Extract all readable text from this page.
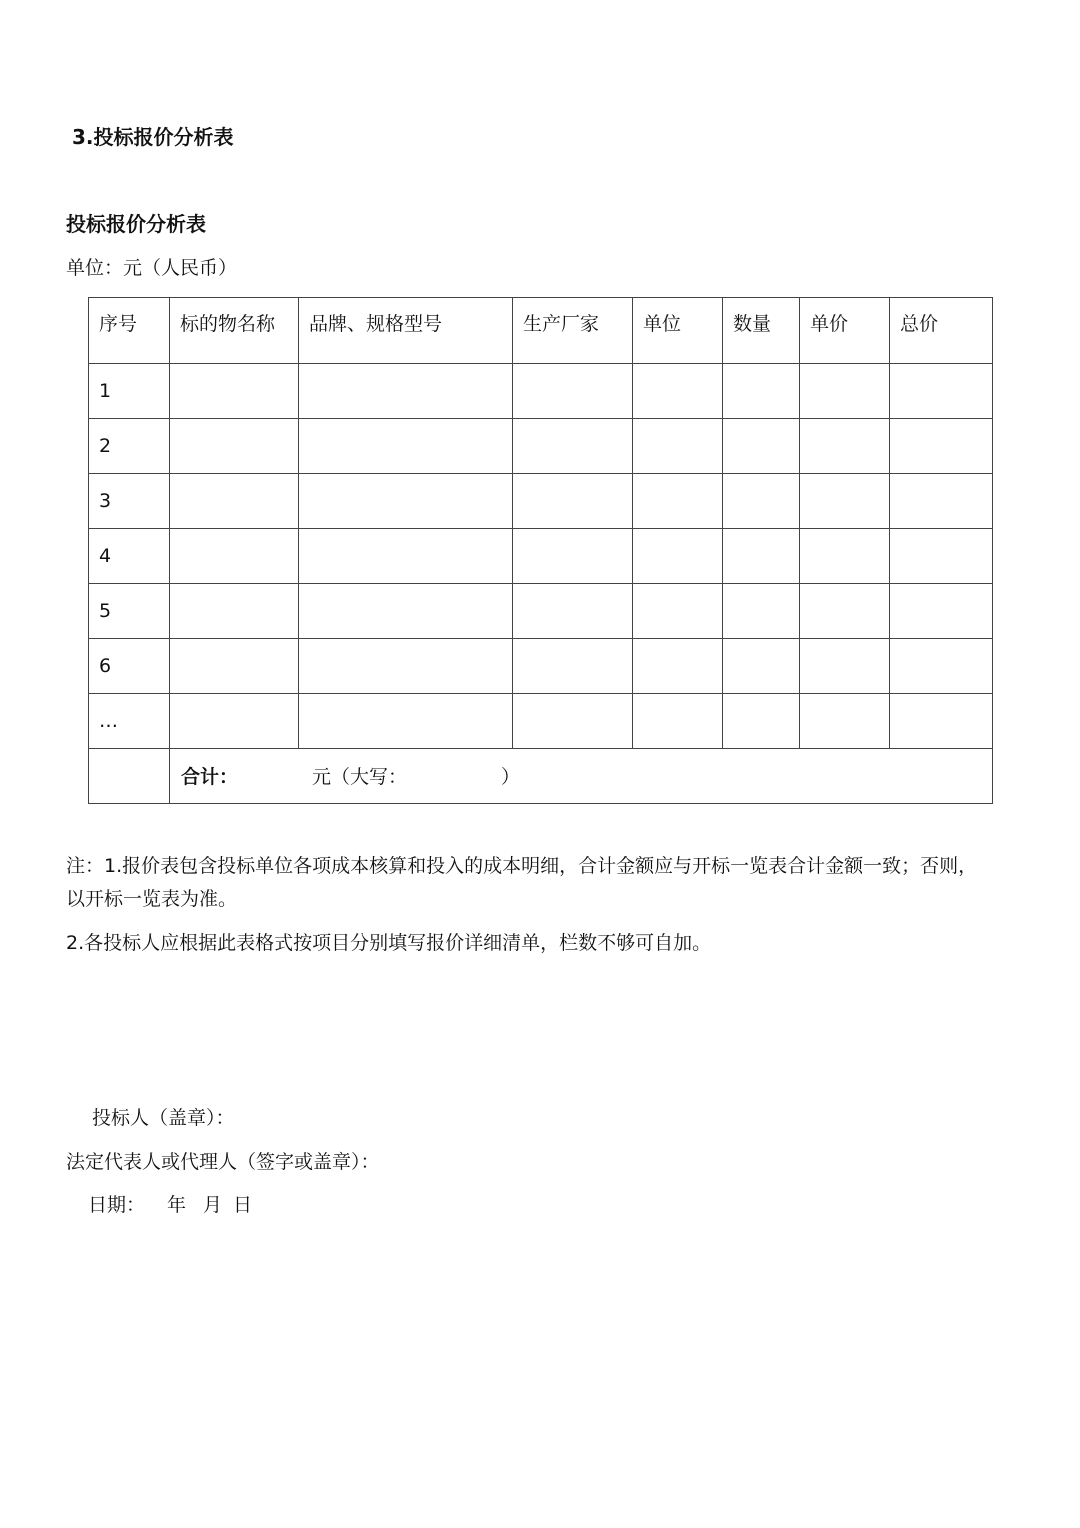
3.投标报价分析表
投标报价分析表
单位：元（人民币）
序号	标的物名称	品牌、规格型号	生产厂家	单位	数量	单价	总价
1							
2							
3							
4							
5							
6							
…							

	合计： 元（大写： ）						
注：1.报价表包含投标单位各项成本核算和投入的成本明细，合计金额应与开标一览表合计金额一致；否则，
以开标一览表为准。
2.各投标人应根据此表格式按项目分别填写报价详细清单，栏数不够可自加。
投标人（盖章）：
法定代表人或代理人（签字或盖章）：
日期： 年 月 日
